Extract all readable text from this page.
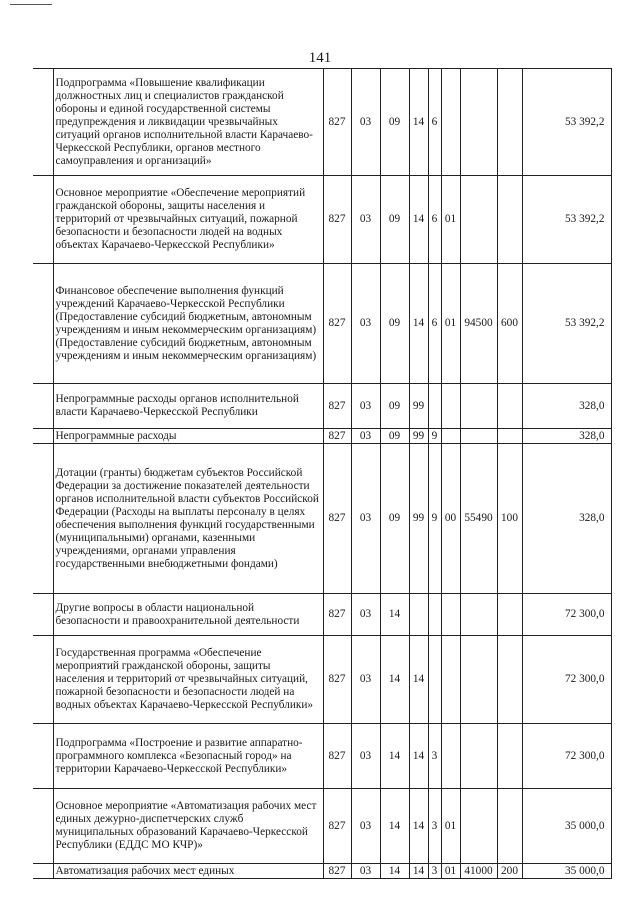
141
	Подпрограмма «Повышение квалификации должностных лиц и специалистов гражданской обороны и единой государственной системы предупреждения и ликвидации чрезвычайных ситуаций органов исполнительной власти Карачаево-Черкесской Республики, органов местного самоуправления и организаций»	827	03	09	14	6				53 392,2
	Основное мероприятие «Обеспечение мероприятий гражданской обороны, защиты населения и территорий от чрезвычайных ситуаций, пожарной безопасности и безопасности людей на водных объектах Карачаево-Черкесской Республики»	827	03	09	14	6	01			53 392,2
	Финансовое обеспечение выполнения функций учреждений Карачаево-Черкесской Республики (Предоставление субсидий бюджетным, автономным учреждениям и иным некоммерческим организациям) (Предоставление субсидий бюджетным, автономным учреждениям и иным некоммерческим организациям)	827	03	09	14	6	01	94500	600	53 392,2
	Непрограммные расходы органов исполнительной власти Карачаево-Черкесской Республики	827	03	09	99					328,0
	Непрограммные расходы	827	03	09	99	9				328,0
	Дотации (гранты) бюджетам субъектов Российской Федерации за достижение показателей деятельности органов исполнительной власти субъектов Российской Федерации (Расходы на выплаты персоналу в целях обеспечения выполнения функций государственными (муниципальными) органами, казенными учреждениями, органами управления государственными внебюджетными фондами)	827	03	09	99	9	00	55490	100	328,0
	Другие вопросы в области национальной безопасности и правоохранительной деятельности	827	03	14						72 300,0
	Государственная программа «Обеспечение мероприятий гражданской обороны, защиты населения и территорий от чрезвычайных ситуаций, пожарной безопасности и безопасности людей на водных объектах Карачаево-Черкесской Республики»	827	03	14	14					72 300,0
	Подпрограмма «Построение и развитие аппаратно-программного комплекса «Безопасный город» на территории Карачаево-Черкесской Республики»	827	03	14	14	3				72 300,0
	Основное мероприятие «Автоматизация рабочих мест единых дежурно-диспетчерских служб муниципальных образований Карачаево-Черкесской Республики (ЕДДС МО КЧР)»	827	03	14	14	3	01			35 000,0
	Автоматизация рабочих мест единых	827	03	14	14	3	01	41000	200	35 000,0
